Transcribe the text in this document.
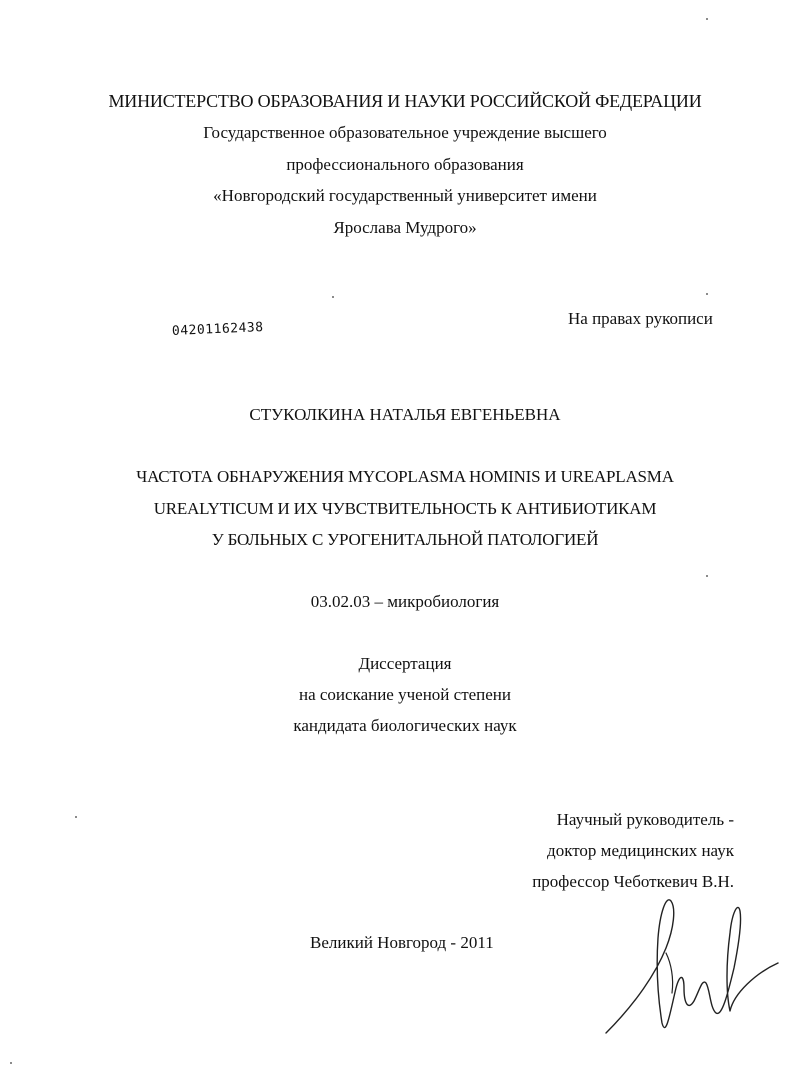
МИНИСТЕРСТВО ОБРАЗОВАНИЯ И НАУКИ РОССИЙСКОЙ ФЕДЕРАЦИИ
Государственное образовательное учреждение высшего
профессионального образования
«Новгородский государственный университет имени
Ярослава Мудрого»
На правах рукописи
04201162438
СТУКОЛКИНА НАТАЛЬЯ ЕВГЕНЬЕВНА
ЧАСТОТА ОБНАРУЖЕНИЯ MYCOPLASMA HOMINIS И UREAPLASMA
UREALYTICUM И ИХ ЧУВСТВИТЕЛЬНОСТЬ К АНТИБИОТИКАМ
У БОЛЬНЫХ С УРОГЕНИТАЛЬНОЙ ПАТОЛОГИЕЙ
03.02.03 – микробиология
Диссертация
на соискание ученой степени
кандидата биологических наук
Научный руководитель -
доктор медицинских наук
профессор Чеботкевич В.Н.
Великий Новгород - 2011
